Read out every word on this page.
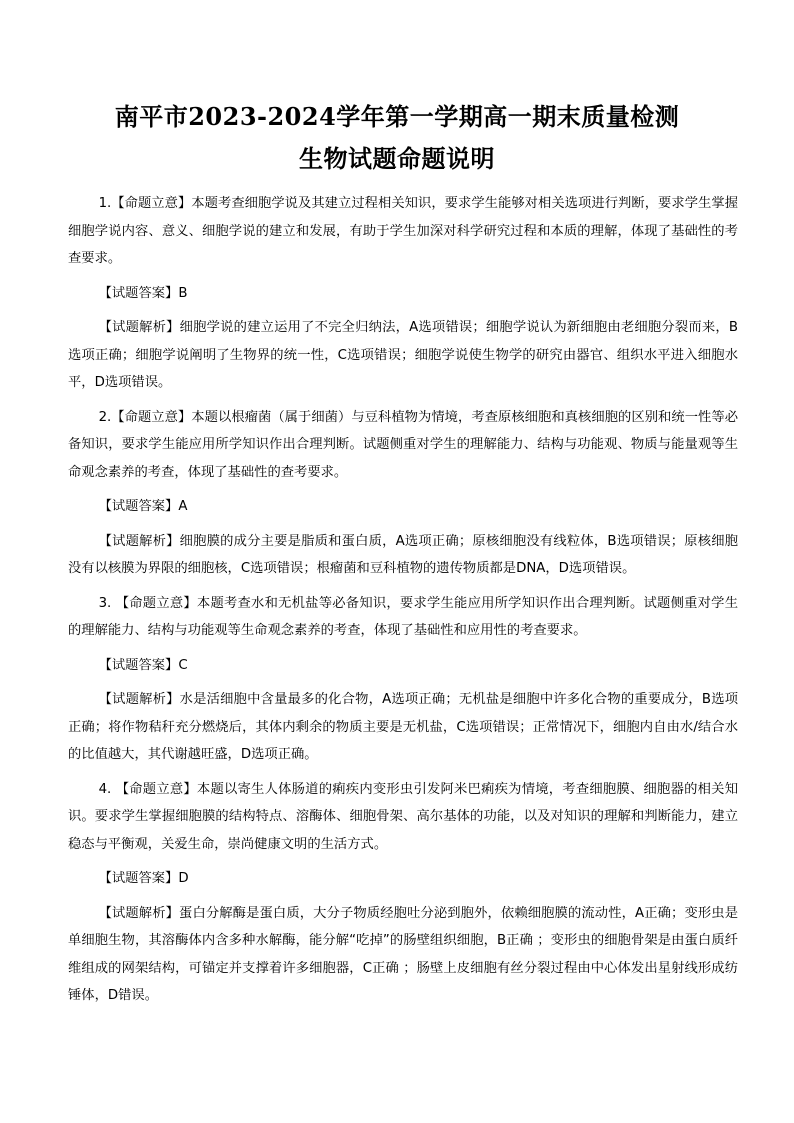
南平市2023-2024学年第一学期高一期末质量检测
生物试题命题说明

1.【命题立意】本题考查细胞学说及其建立过程相关知识，要求学生能够对相关选项进行判断，要求学生掌握细胞学说内容、意义、细胞学说的建立和发展，有助于学生加深对科学研究过程和本质的理解，体现了基础性的考查要求。

【试题答案】B

【试题解析】细胞学说的建立运用了不完全归纳法，A选项错误；细胞学说认为新细胞由老细胞分裂而来，B选项正确；细胞学说阐明了生物界的统一性，C选项错误；细胞学说使生物学的研究由器官、组织水平进入细胞水平，D选项错误。

2.【命题立意】本题以根瘤菌（属于细菌）与豆科植物为情境，考查原核细胞和真核细胞的区别和统一性等必备知识，要求学生能应用所学知识作出合理判断。试题侧重对学生的理解能力、结构与功能观、物质与能量观等生命观念素养的考查，体现了基础性的查考要求。

【试题答案】A

【试题解析】细胞膜的成分主要是脂质和蛋白质，A选项正确；原核细胞没有线粒体，B选项错误；原核细胞没有以核膜为界限的细胞核，C选项错误；根瘤菌和豆科植物的遗传物质都是DNA，D选项错误。

3. 【命题立意】本题考查水和无机盐等必备知识，要求学生能应用所学知识作出合理判断。试题侧重对学生的理解能力、结构与功能观等生命观念素养的考查，体现了基础性和应用性的考查要求。

【试题答案】C

【试题解析】水是活细胞中含量最多的化合物，A选项正确；无机盐是细胞中许多化合物的重要成分，B选项正确；将作物秸秆充分燃烧后，其体内剩余的物质主要是无机盐，C选项错误；正常情况下，细胞内自由水/结合水的比值越大，其代谢越旺盛，D选项正确。

4. 【命题立意】本题以寄生人体肠道的痢疾内变形虫引发阿米巴痢疾为情境，考查细胞膜、细胞器的相关知识。要求学生掌握细胞膜的结构特点、溶酶体、细胞骨架、高尔基体的功能，以及对知识的理解和判断能力，建立稳态与平衡观，关爱生命，崇尚健康文明的生活方式。

【试题答案】D

【试题解析】蛋白分解酶是蛋白质，大分子物质经胞吐分泌到胞外，依赖细胞膜的流动性，A正确；变形虫是单细胞生物，其溶酶体内含多种水解酶，能分解“吃掉”的肠壁组织细胞，B正确 ；变形虫的细胞骨架是由蛋白质纤维组成的网架结构，可锚定并支撑着许多细胞器，C正确 ；肠壁上皮细胞有丝分裂过程由中心体发出星射线形成纺锤体，D错误。
